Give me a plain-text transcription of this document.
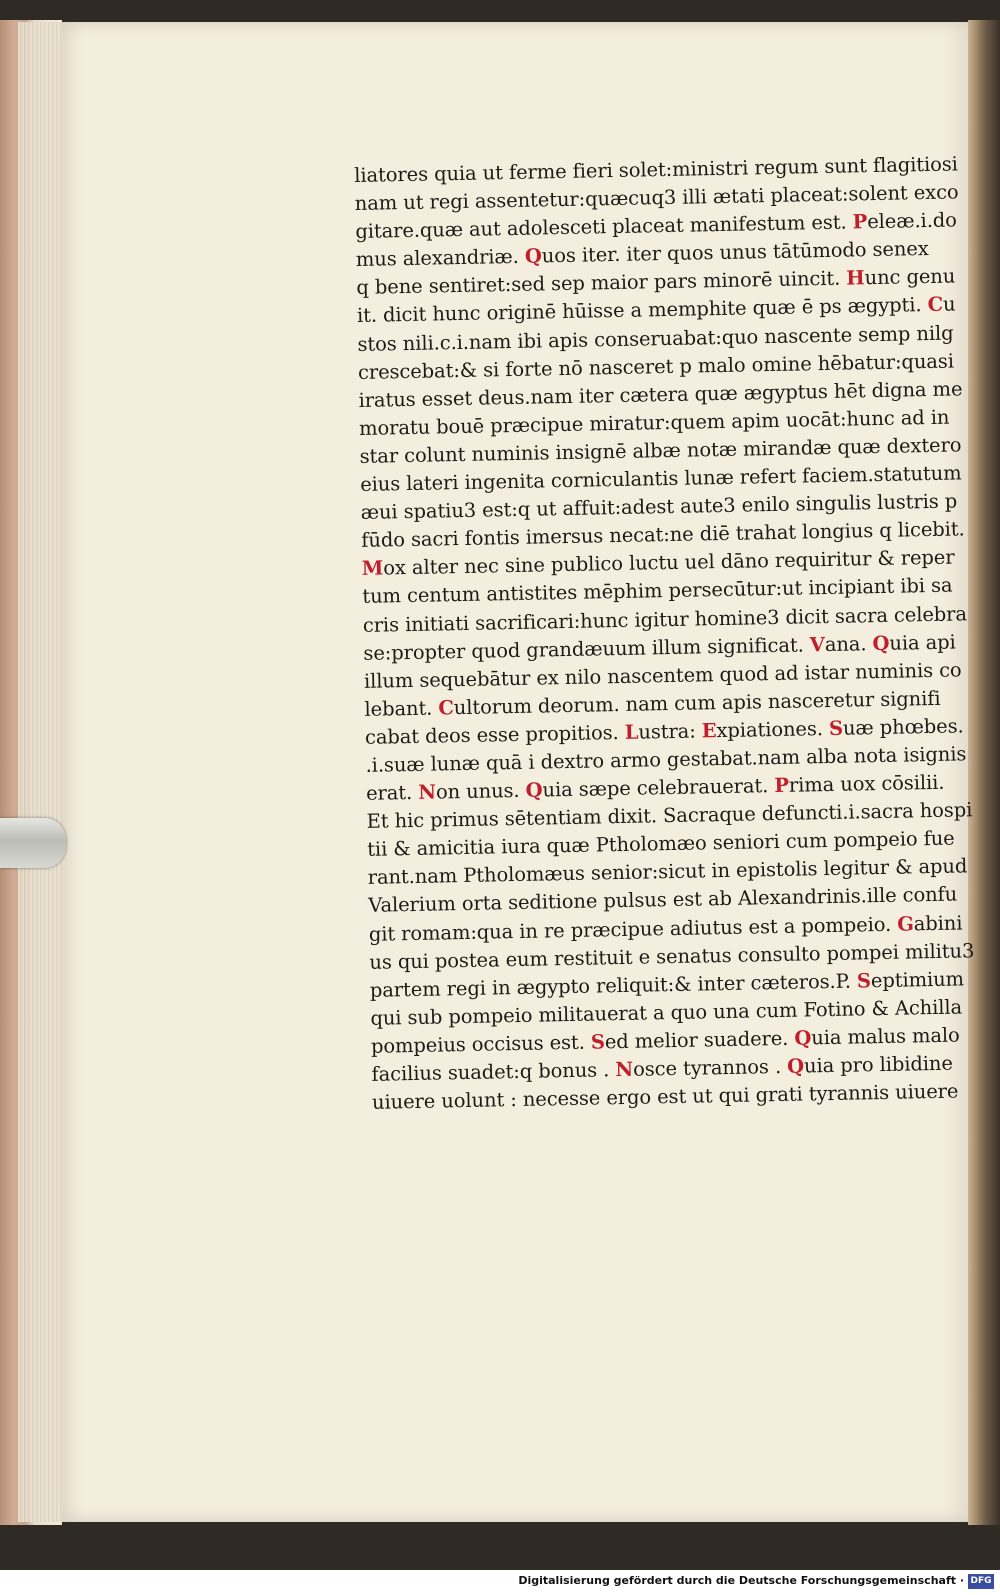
liatores quia ut ferme fieri solet:ministri regum sunt flagitiosi
nam ut regi assentetur:quæcuq3 illi ætati placeat:solent exco
gitare.quæ aut adolesceti placeat manifestum est. Peleæ.i.do
mus alexandriæ. Quos iter. iter quos unus tātūmodo senex
q bene sentiret:sed sep maior pars minorē uincit. Hunc genu
it. dicit hunc originē hūisse a memphite quæ ē ps ægypti. Cu
stos nili.c.i.nam ibi apis conseruabat:quo nascente semp nilg
crescebat:& si forte nō nasceret p malo omine hēbatur:quasi
iratus esset deus.nam iter cætera quæ ægyptus hēt digna me
moratu bouē præcipue miratur:quem apim uocāt:hunc ad in
star colunt numinis insignē albæ notæ mirandæ quæ dextero
eius lateri ingenita corniculantis lunæ refert faciem.statutum
æui spatiu3 est:q ut affuit:adest aute3 enilo singulis lustris p
fūdo sacri fontis imersus necat:ne diē trahat longius q licebit.
Mox alter nec sine publico luctu uel dāno requiritur & reper
tum centum antistites mēphim persecūtur:ut incipiant ibi sa
cris initiati sacrificari:hunc igitur homine3 dicit sacra celebra
se:propter quod grandæuum illum significat. Vana. Quia api
illum sequebātur ex nilo nascentem quod ad istar numinis co
lebant. Cultorum deorum. nam cum apis nasceretur signifi
cabat deos esse propitios. Lustra: Expiationes. Suæ phœbes.
.i.suæ lunæ quā i dextro armo gestabat.nam alba nota isignis
erat. Non unus. Quia sæpe celebrauerat. Prima uox cōsilii.
Et hic primus sētentiam dixit. Sacraque defuncti.i.sacra hospi
tii & amicitia iura quæ Ptholomæo seniori cum pompeio fue
rant.nam Ptholomæus senior:sicut in epistolis legitur & apud
Valerium orta seditione pulsus est ab Alexandrinis.ille confu
git romam:qua in re præcipue adiutus est a pompeio. Gabini
us qui postea eum restituit e senatus consulto pompei militu3
partem regi in ægypto reliquit:& inter cæteros.P. Septimium
qui sub pompeio militauerat a quo una cum Fotino & Achilla
pompeius occisus est. Sed melior suadere. Quia malus malo
facilius suadet:q bonus . Nosce tyrannos . Quia pro libidine
uiuere uolunt : necesse ergo est ut qui grati tyrannis uiuere
Digitalisierung gefördert durch die Deutsche Forschungsgemeinschaft · DFG
